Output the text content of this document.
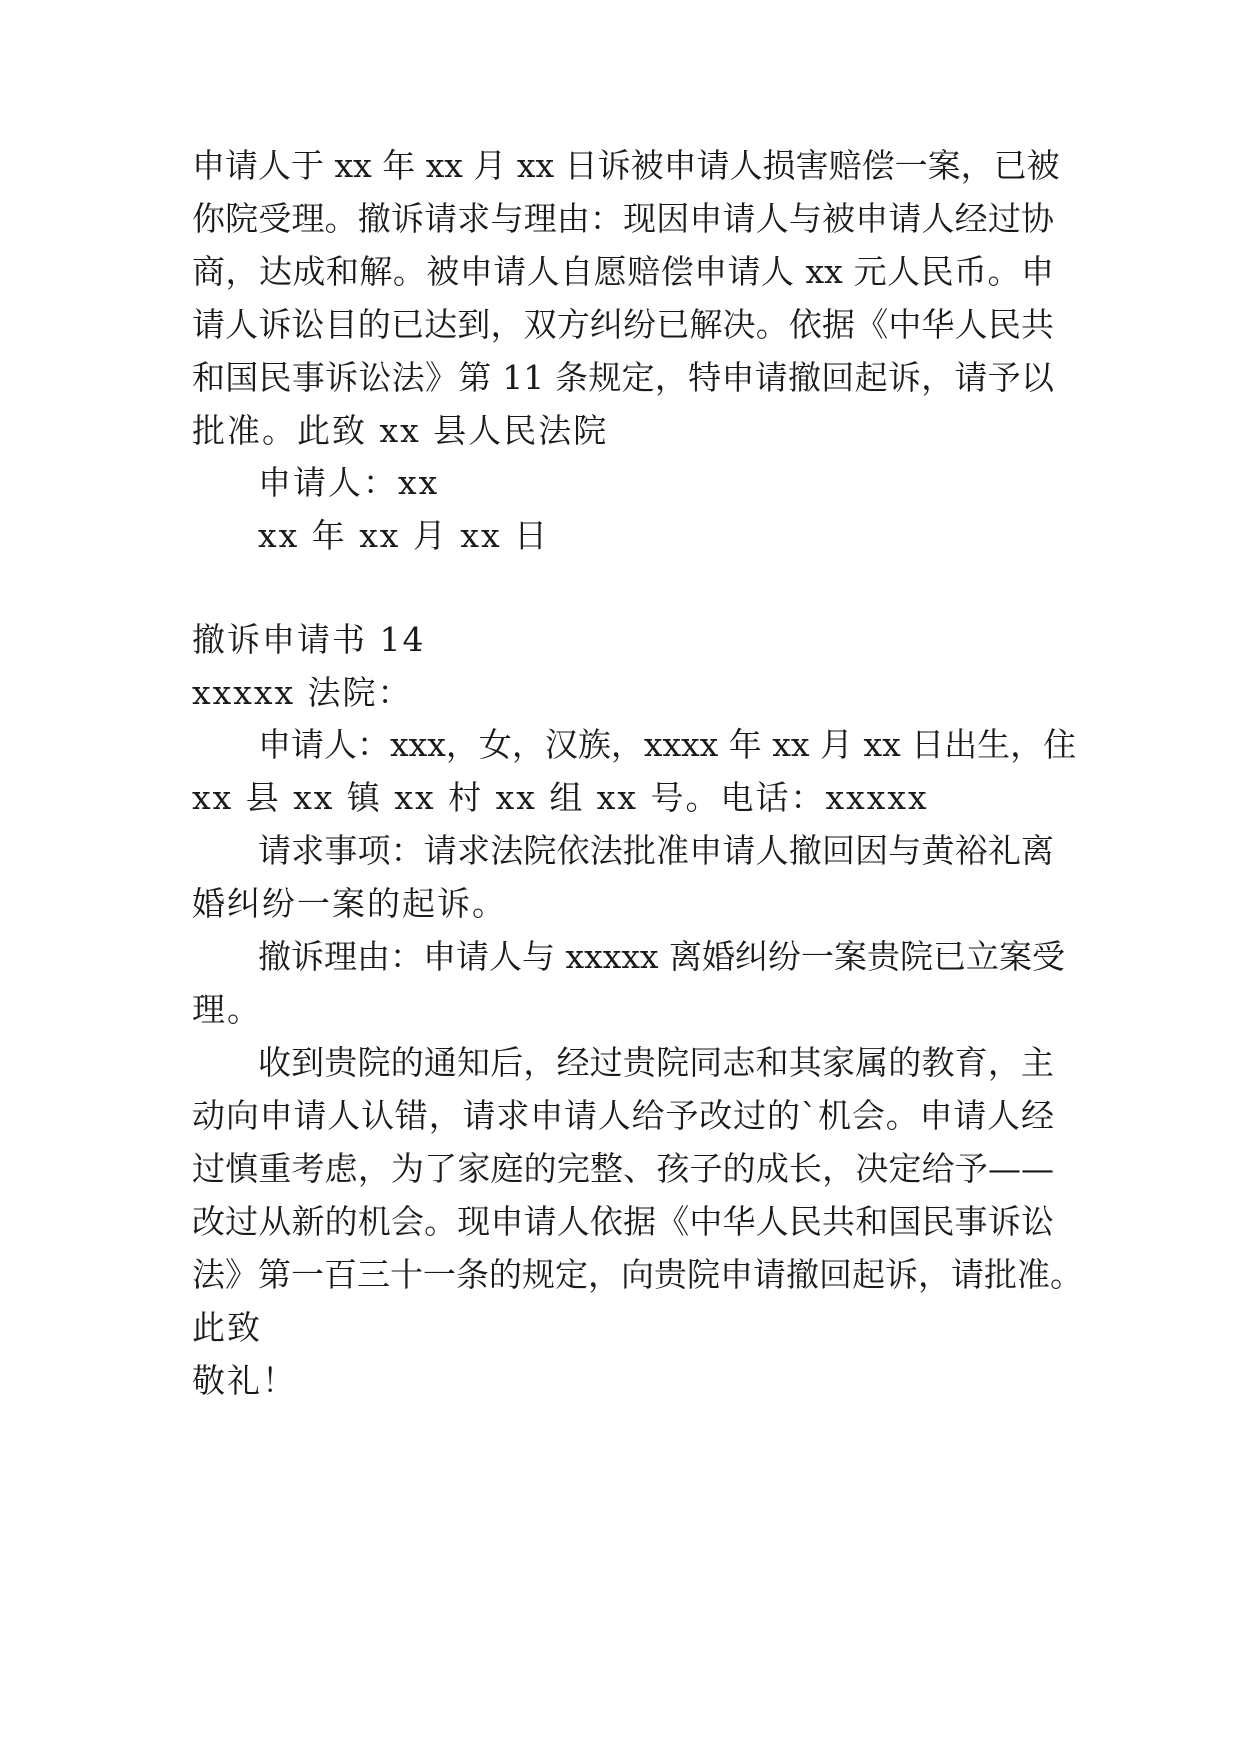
申请人于 xx 年 xx 月 xx 日诉被申请人损害赔偿一案，已被
你院受理。撤诉请求与理由：现因申请人与被申请人经过协
商，达成和解。被申请人自愿赔偿申请人 xx 元人民币。申
请人诉讼目的已达到，双方纠纷已解决。依据《中华人民共
和国民事诉讼法》第 11 条规定，特申请撤回起诉，请予以
批准。此致 xx 县人民法院
申请人：xx
xx 年 xx 月 xx 日
撤诉申请书 14
xxxxx 法院：
申请人：xxx，女，汉族，xxxx 年 xx 月 xx 日出生，住
xx 县 xx 镇 xx 村 xx 组 xx 号。电话：xxxxx
请求事项：请求法院依法批准申请人撤回因与黄裕礼离
婚纠纷一案的起诉。
撤诉理由：申请人与 xxxxx 离婚纠纷一案贵院已立案受
理。
收到贵院的通知后，经过贵院同志和其家属的教育，主
动向申请人认错，请求申请人给予改过的`机会。申请人经
过慎重考虑，为了家庭的完整、孩子的成长，决定给予——
改过从新的机会。现申请人依据《中华人民共和国民事诉讼
法》第一百三十一条的规定，向贵院申请撤回起诉，请批准。
此致
敬礼！
